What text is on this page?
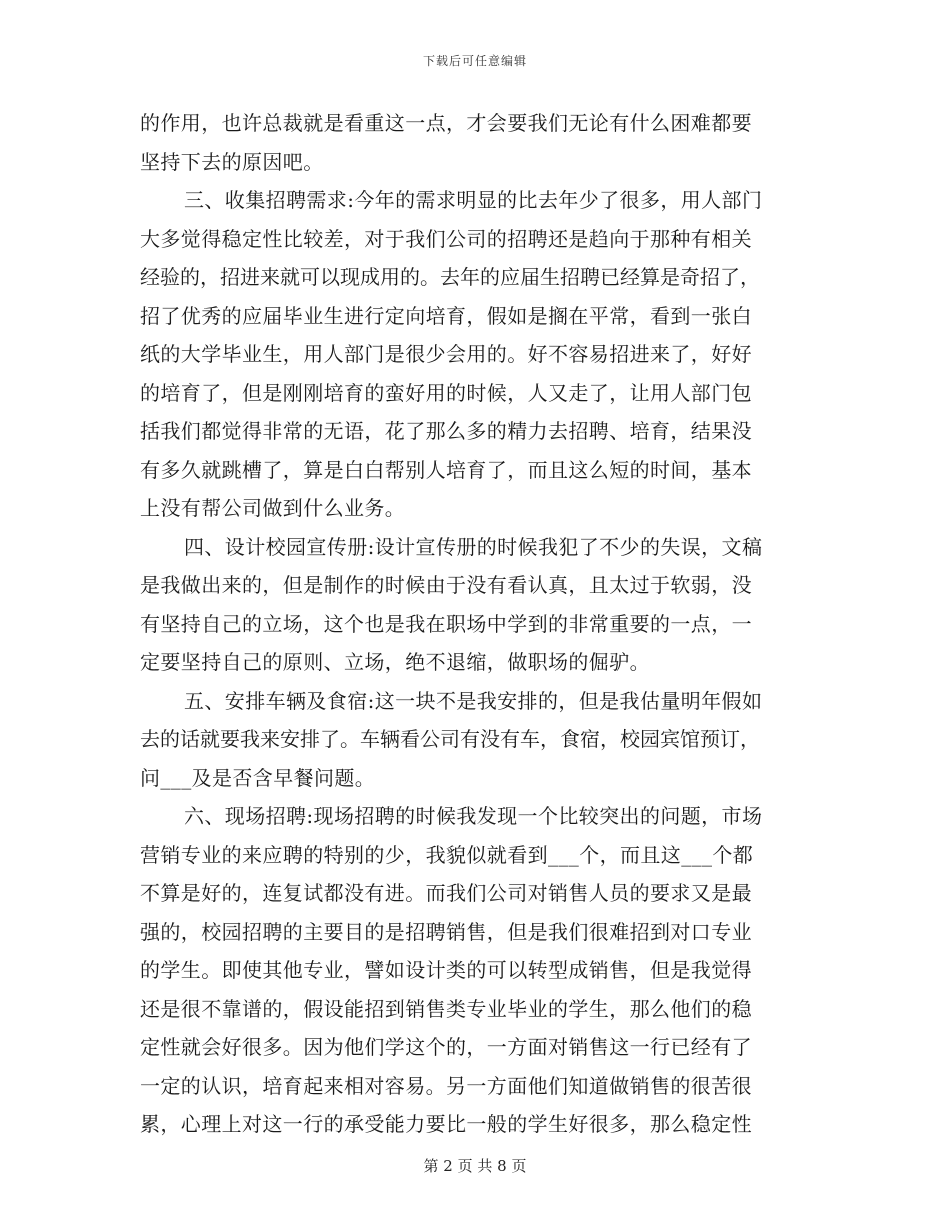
下载后可任意编辑
的作用，也许总裁就是看重这一点，才会要我们无论有什么困难都要
坚持下去的原因吧。
三、收集招聘需求:今年的需求明显的比去年少了很多，用人部门
大多觉得稳定性比较差，对于我们公司的招聘还是趋向于那种有相关
经验的，招进来就可以现成用的。去年的应届生招聘已经算是奇招了，
招了优秀的应届毕业生进行定向培育，假如是搁在平常，看到一张白
纸的大学毕业生，用人部门是很少会用的。好不容易招进来了，好好
的培育了，但是刚刚培育的蛮好用的时候，人又走了，让用人部门包
括我们都觉得非常的无语，花了那么多的精力去招聘、培育，结果没
有多久就跳槽了，算是白白帮别人培育了，而且这么短的时间，基本
上没有帮公司做到什么业务。
四、设计校园宣传册:设计宣传册的时候我犯了不少的失误，文稿
是我做出来的，但是制作的时候由于没有看认真，且太过于软弱，没
有坚持自己的立场，这个也是我在职场中学到的非常重要的一点，一
定要坚持自己的原则、立场，绝不退缩，做职场的倔驴。
五、安排车辆及食宿:这一块不是我安排的，但是我估量明年假如
去的话就要我来安排了。车辆看公司有没有车，食宿，校园宾馆预订，
问___及是否含早餐问题。
六、现场招聘:现场招聘的时候我发现一个比较突出的问题，市场
营销专业的来应聘的特别的少，我貌似就看到___个，而且这___个都
不算是好的，连复试都没有进。而我们公司对销售人员的要求又是最
强的，校园招聘的主要目的是招聘销售，但是我们很难招到对口专业
的学生。即使其他专业，譬如设计类的可以转型成销售，但是我觉得
还是很不靠谱的，假设能招到销售类专业毕业的学生，那么他们的稳
定性就会好很多。因为他们学这个的，一方面对销售这一行已经有了
一定的认识，培育起来相对容易。另一方面他们知道做销售的很苦很
累，心理上对这一行的承受能力要比一般的学生好很多，那么稳定性
第 2 页 共 8 页
